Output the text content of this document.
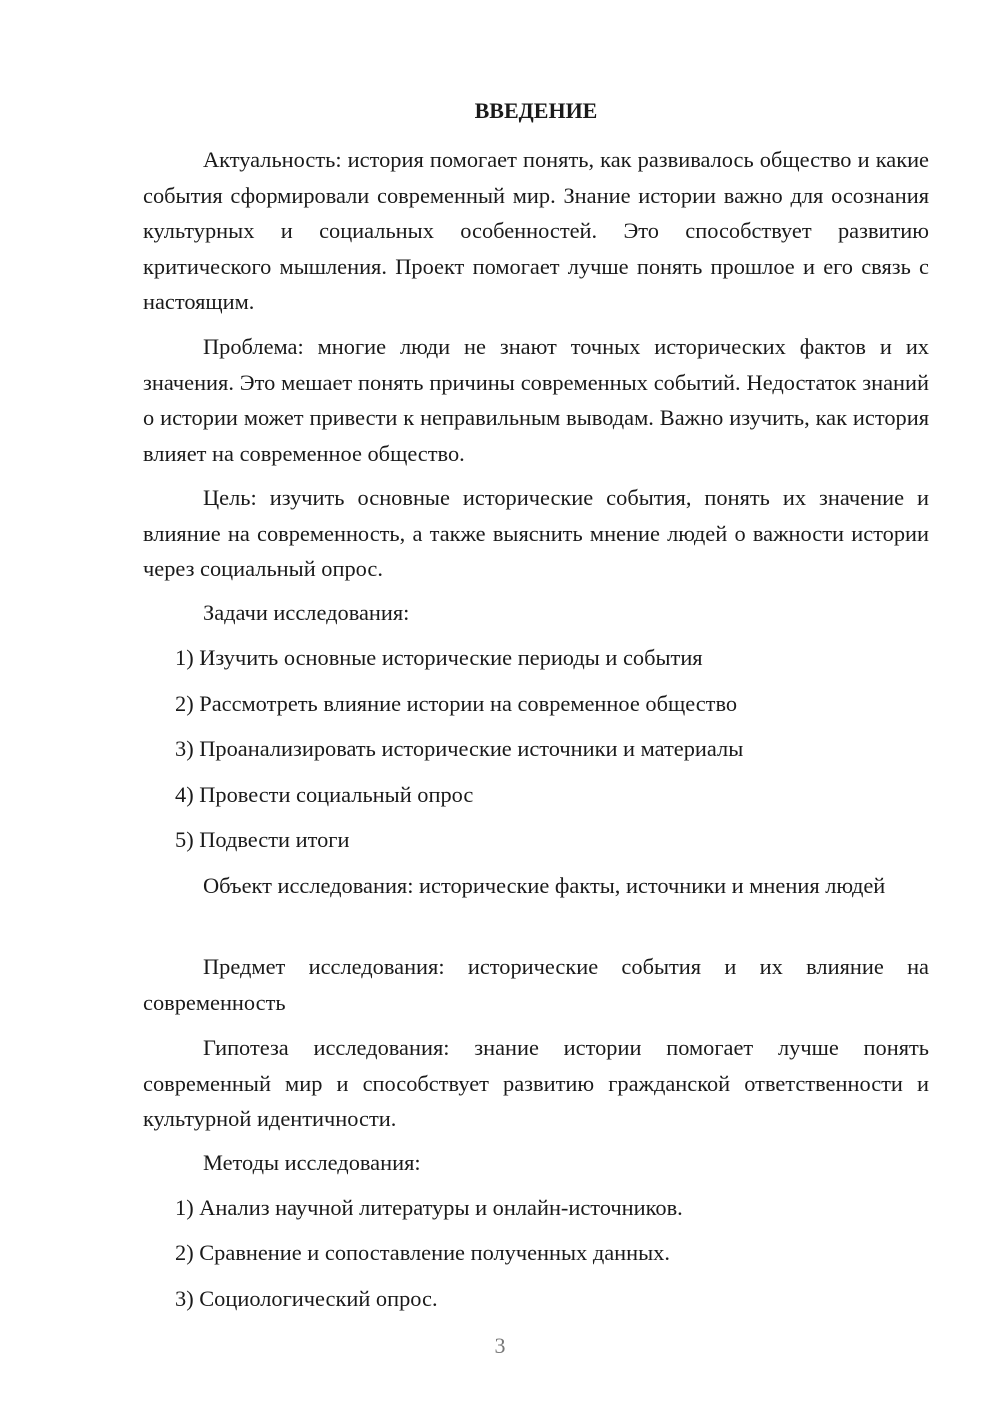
ВВЕДЕНИЕ

Актуальность: история помогает понять, как развивалось общество и какие события сформировали современный мир. Знание истории важно для осознания культурных и социальных особенностей. Это способствует развитию критического мышления. Проект помогает лучше понять прошлое и его связь с настоящим.

Проблема: многие люди не знают точных исторических фактов и их значения. Это мешает понять причины современных событий. Недостаток знаний о истории может привести к неправильным выводам. Важно изучить, как история влияет на современное общество.

Цель: изучить основные исторические события, понять их значение и влияние на современность, а также выяснить мнение людей о важности истории через социальный опрос.

Задачи исследования:

1) Изучить основные исторические периоды и события

2) Рассмотреть влияние истории на современное общество

3) Проанализировать исторические источники и материалы

4) Провести социальный опрос

5) Подвести итоги

Объект исследования: исторические факты, источники и мнения людей

Предмет исследования: исторические события и их влияние на современность

Гипотеза исследования: знание истории помогает лучше понять современный мир и способствует развитию гражданской ответственности и культурной идентичности.

Методы исследования:

1) Анализ научной литературы и онлайн-источников.

2) Сравнение и сопоставление полученных данных.

3) Социологический опрос.

3
